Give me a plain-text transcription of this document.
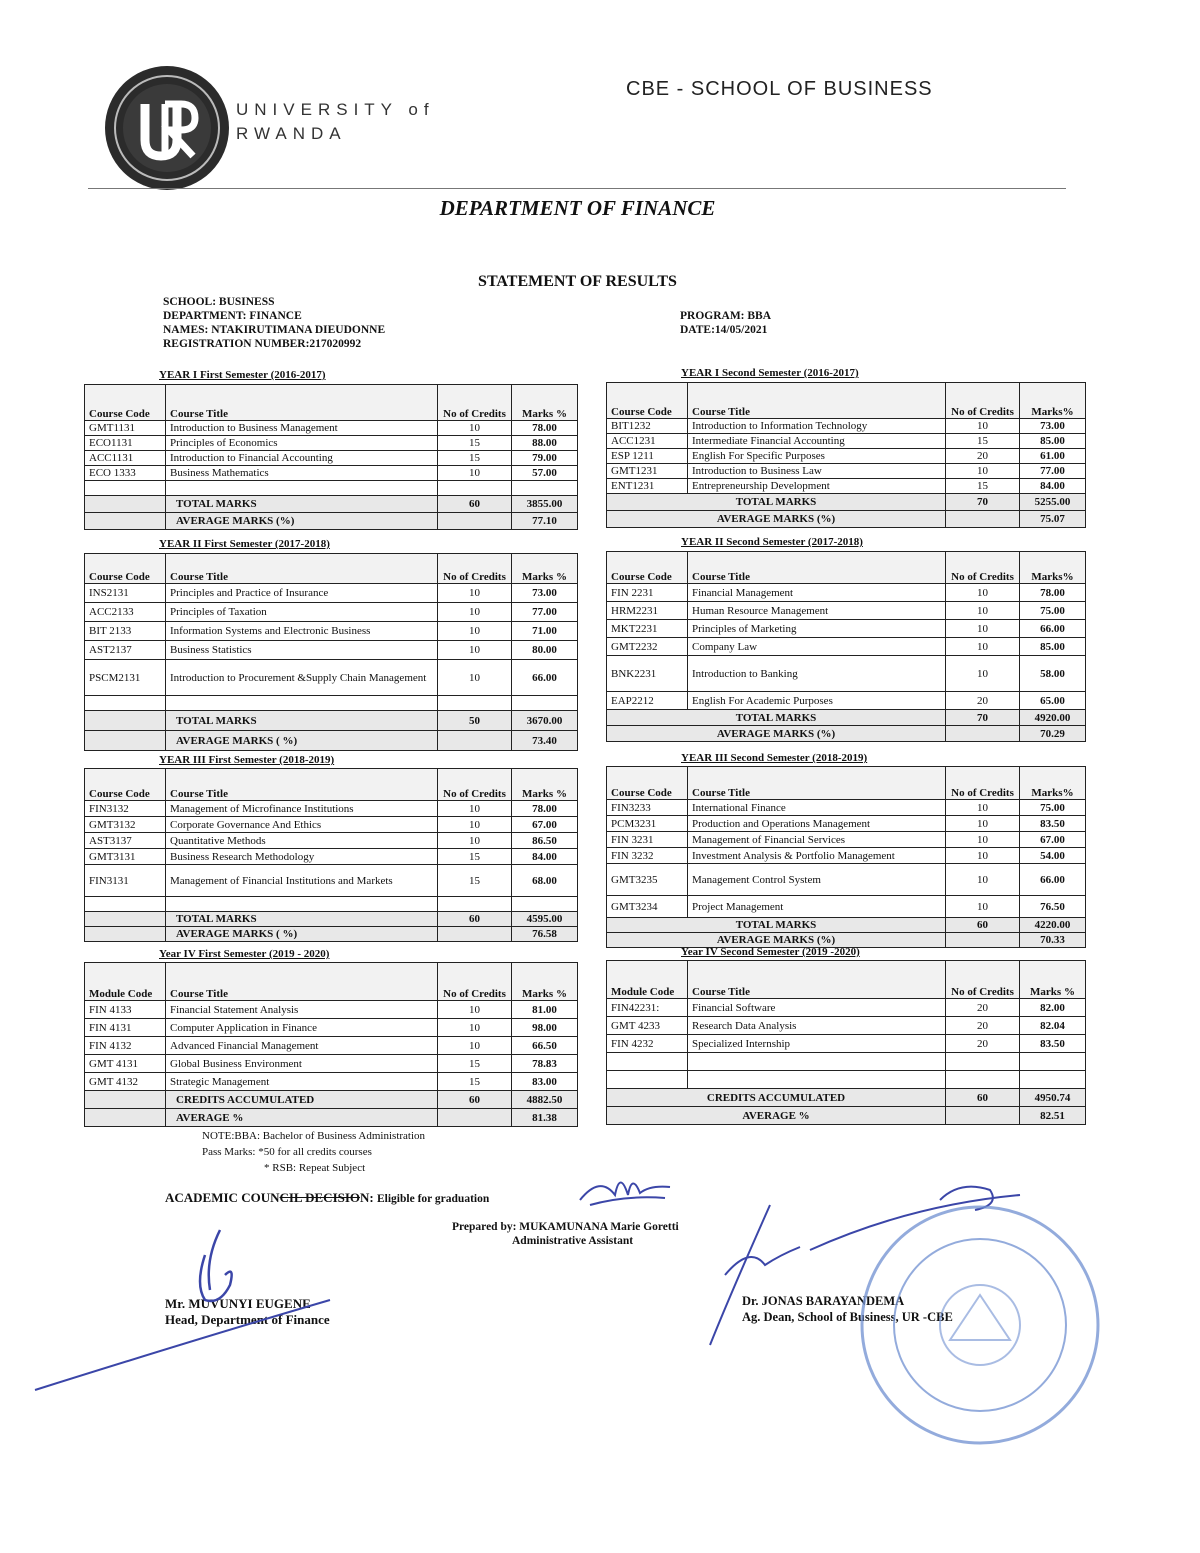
UNIVERSITY of
RWANDA
CBE - SCHOOL OF BUSINESS
DEPARTMENT OF FINANCE
STATEMENT OF RESULTS
SCHOOL: BUSINESS
DEPARTMENT: FINANCE
NAMES: NTAKIRUTIMANA DIEUDONNE
REGISTRATION NUMBER:217020992
PROGRAM: BBA
DATE:14/05/2021
YEAR I First Semester (2016-2017)
Course Code	Course Title	No of Credits	Marks %
GMT1131	Introduction to Business Management	10	78.00
ECO1131	Principles of Economics	15	88.00
ACC1131	Introduction to Financial Accounting	15	79.00
ECO 1333	Business Mathematics	10	57.00

	TOTAL MARKS	60	3855.00
	AVERAGE MARKS (%)		77.10
YEAR I Second Semester (2016-2017)
Course Code	Course Title	No of Credits	Marks%
BIT1232	Introduction to Information Technology	10	73.00
ACC1231	Intermediate Financial Accounting	15	85.00
ESP 1211	English For Specific Purposes	20	61.00
GMT1231	Introduction to Business Law	10	77.00
ENT1231	Entrepreneurship Development	15	84.00
TOTAL MARKS		70	5255.00
AVERAGE MARKS (%)			75.07
YEAR II First Semester (2017-2018)
Course Code	Course Title	No of Credits	Marks %
INS2131	Principles and Practice of Insurance	10	73.00
ACC2133	Principles of Taxation	10	77.00
BIT 2133	Information Systems and Electronic Business	10	71.00
AST2137	Business Statistics	10	80.00
PSCM2131	Introduction to Procurement &Supply Chain Management	10	66.00

	TOTAL MARKS	50	3670.00
	AVERAGE MARKS ( %)		73.40
YEAR II Second Semester (2017-2018)
Course Code	Course Title	No of Credits	Marks%
FIN 2231	Financial Management	10	78.00
HRM2231	Human Resource Management	10	75.00
MKT2231	Principles of Marketing	10	66.00
GMT2232	Company Law	10	85.00
BNK2231	Introduction to Banking	10	58.00
EAP2212	English For Academic Purposes	20	65.00
TOTAL MARKS		70	4920.00
AVERAGE MARKS (%)			70.29
YEAR III First Semester (2018-2019)
Course Code	Course Title	No of Credits	Marks %
FIN3132	Management of Microfinance Institutions	10	78.00
GMT3132	Corporate Governance And Ethics	10	67.00
AST3137	Quantitative Methods	10	86.50
GMT3131	Business Research Methodology	15	84.00
FIN3131	Management of Financial Institutions and Markets	15	68.00

	TOTAL MARKS	60	4595.00
	AVERAGE MARKS ( %)		76.58
YEAR III Second Semester (2018-2019)
Course Code	Course Title	No of Credits	Marks%
FIN3233	International Finance	10	75.00
PCM3231	Production and Operations Management	10	83.50
FIN 3231	Management of Financial Services	10	67.00
FIN 3232	Investment Analysis & Portfolio Management	10	54.00
GMT3235	Management Control System	10	66.00
GMT3234	Project Management	10	76.50
TOTAL MARKS		60	4220.00
AVERAGE MARKS (%)			70.33
Year IV First Semester (2019 - 2020)
Module Code	Course Title	No of Credits	Marks %
FIN 4133	Financial Statement Analysis	10	81.00
FIN 4131	Computer Application in Finance	10	98.00
FIN 4132	Advanced Financial Management	10	66.50
GMT 4131	Global Business Environment	15	78.83
GMT 4132	Strategic Management	15	83.00
	CREDITS ACCUMULATED	60	4882.50
	AVERAGE %		81.38
Year IV Second Semester (2019 -2020)
Module Code	Course Title	No of Credits	Marks %
FIN42231:	Financial Software	20	82.00
GMT 4233	Research Data Analysis	20	82.04
FIN 4232	Specialized Internship	20	83.50

CREDITS ACCUMULATED		60	4950.74
AVERAGE %			82.51
NOTE:BBA: Bachelor of Business Administration
Pass Marks: *50 for all credits courses
* RSB: Repeat Subject
ACADEMIC COUNCIL DECISION: Eligible for graduation
Prepared by: MUKAMUNANA Marie Goretti
Administrative Assistant
Mr. MUVUNYI EUGENE
Head, Department of Finance
Dr. JONAS BARAYANDEMA
Ag. Dean, School of Business, UR -CBE
